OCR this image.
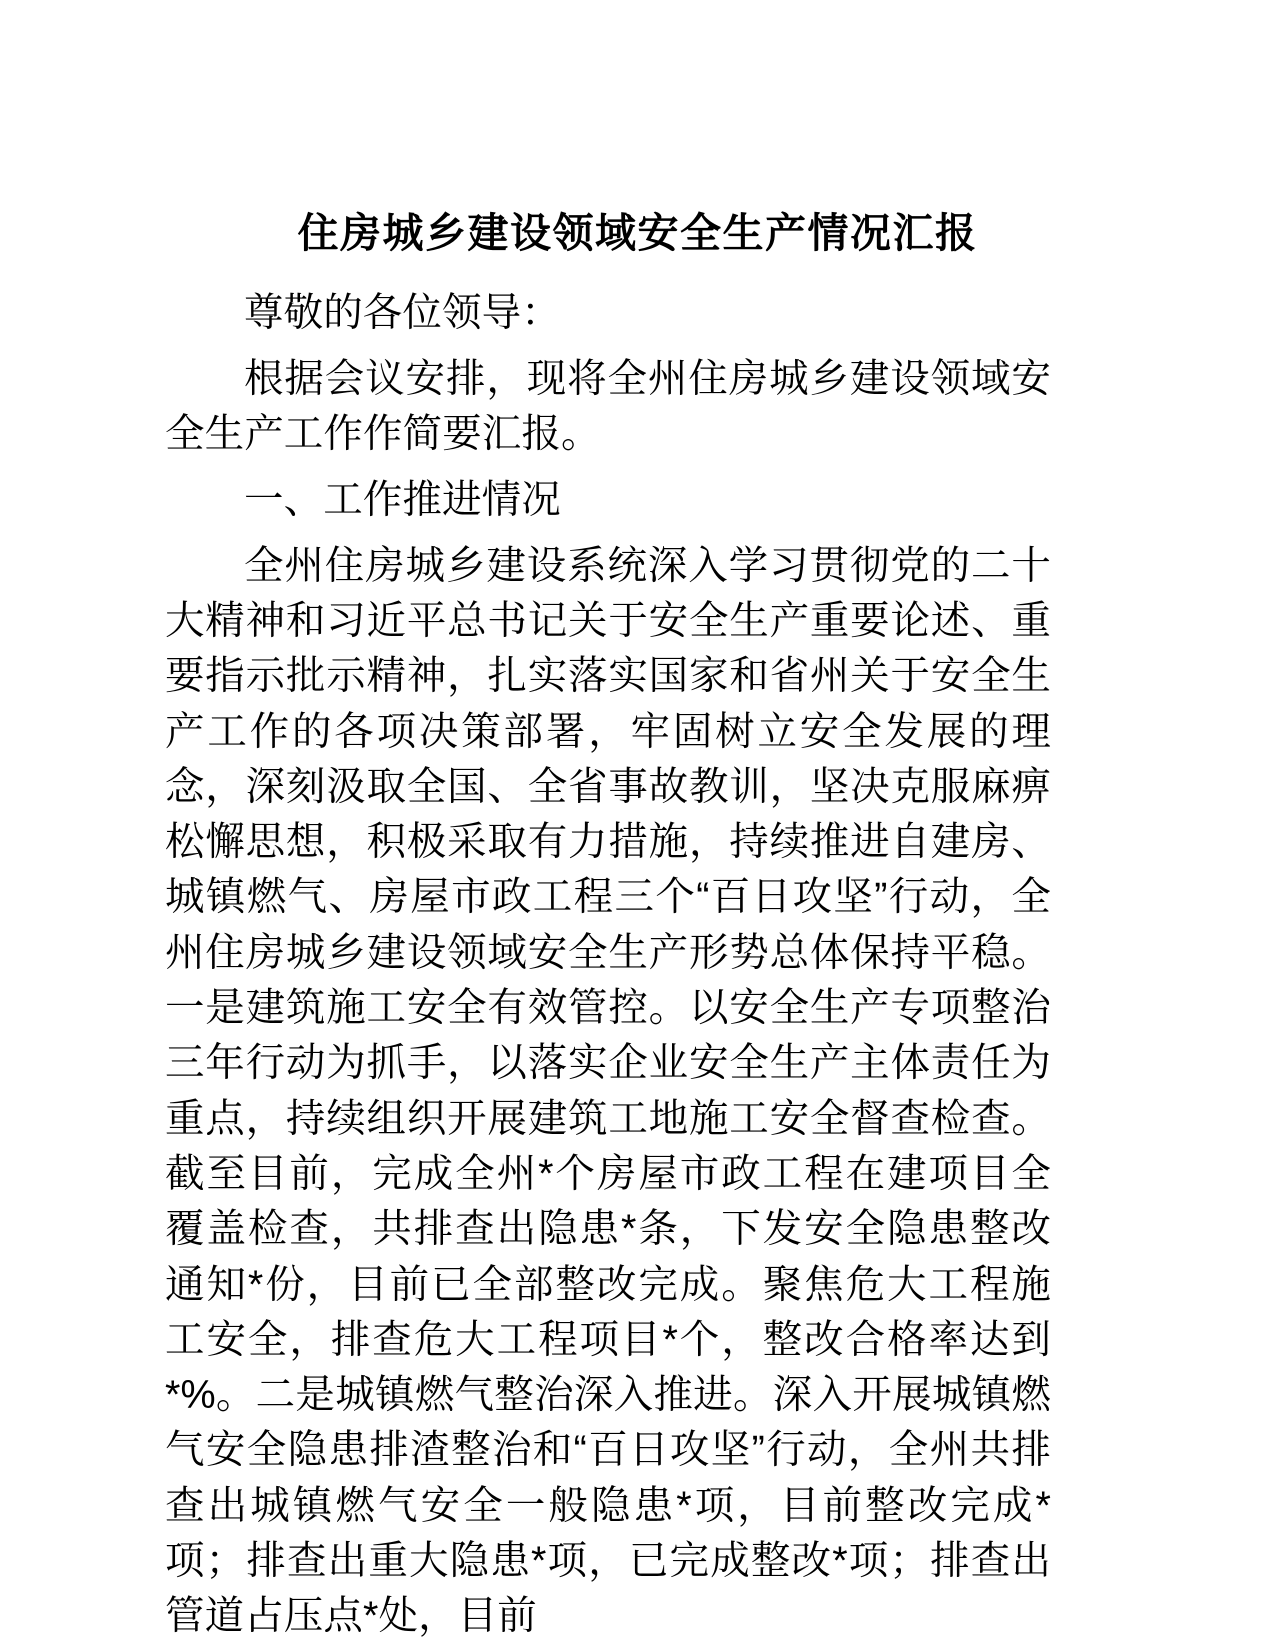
住房城乡建设领域安全生产情况汇报

尊敬的各位领导：

根据会议安排，现将全州住房城乡建设领域安全生产工作作简要汇报。

一、工作推进情况

全州住房城乡建设系统深入学习贯彻党的二十大精神和习近平总书记关于安全生产重要论述、重要指示批示精神，扎实落实国家和省州关于安全生产工作的各项决策部署，牢固树立安全发展的理念，深刻汲取全国、全省事故教训，坚决克服麻痹松懈思想，积极采取有力措施，持续推进自建房、城镇燃气、房屋市政工程三个“百日攻坚”行动，全州住房城乡建设领域安全生产形势总体保持平稳。一是建筑施工安全有效管控。以安全生产专项整治三年行动为抓手，以落实企业安全生产主体责任为重点，持续组织开展建筑工地施工安全督查检查。截至目前，完成全州*个房屋市政工程在建项目全覆盖检查，共排查出隐患*条，下发安全隐患整改通知*份，目前已全部整改完成。聚焦危大工程施工安全，排查危大工程项目*个，整改合格率达到*%。二是城镇燃气整治深入推进。深入开展城镇燃气安全隐患排渣整治和“百日攻坚”行动，全州共排查出城镇燃气安全一般隐患*项，目前整改完成*项；排查出重大隐患*项，已完成整改*项；排查出管道占压点*处，目前
